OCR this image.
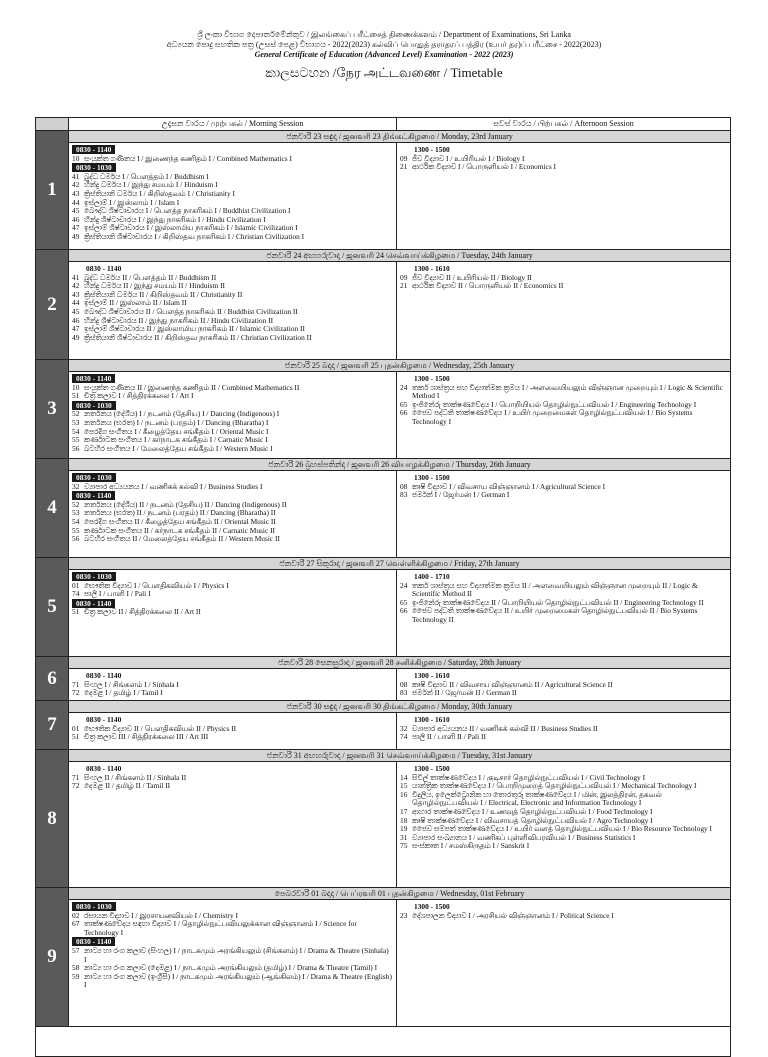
ශ්‍රී ලංකා විභාග දෙපාර්තමේන්තුව / இலங்கைப் பரீட்சைத் திணைக்களம் / Department of Examinations, Sri Lanka
අධ්‍යයන පොදු සහතික පත්‍ර (උසස් පෙළ) විභාගය - 2022(2023) கல்விப் பொதுத் தராதரப் பத்திர (உயர் தர)ப் பரீட்சை - 2022(2023)
General Certificate of Education (Advanced Level) Examination - 2022 (2023)
කාලසටහන /நேர அட்டவணை / Timetable
උදෑසන වාරය / முற்பகல் / Morning Session	සවස් වාරය / பிற்பகல் / Afternoon Session
1
ජනවාරි 23 සඳුදා / ஜனவரி 23 திங்கட்கிழமை / Monday, 23rd January
0830 - 1140
10 සංයුක්ත ගණිතය I / இணைந்த கணிதம் I / Combined Mathematics I
0830 - 1030
41 බුද්ධ ධර්මය I / பௌத்தம் I / Buddhism I
42 හින්දු ධර්මය I / இந்து சமயம் I / Hinduism I
43 ක්‍රිස්තියානි ධර්මය I / கிறிஸ்தவம் I / Christianity I
44 ඉස්ලාම් I / இஸ்லாம் I / Islam I
45 බෞද්ධ ශිෂ්ටාචාරය I / பௌத்த நாகரிகம் I / Buddhist Civilization I
46 හින්දු ශිෂ්ටාචාරය I / இந்து நாகரிகம் I / Hindu Civilization I
47 ඉස්ලාම් ශිෂ්ටාචාරය I / இஸ்லாமிய நாகரிகம் I / Islamic Civilization I
49 ක්‍රිස්තියානි ශිෂ්ටාචාරය I / கிறிஸ்தவ நாகரிகம் I / Christian Civilization I
1300 - 1500
09 ජීව විද්‍යාව I / உயிரியல் I / Biology I
21 ආර්ථික විද්‍යාව I / பொருளியல் I / Economics I
2
ජනවාරි 24 අඟහරුවාදා / ஜனவரி 24 செவ்வாய்க்கிழமை / Tuesday, 24th January
0830 - 1140
41 බුද්ධ ධර්මය II / பௌத்தம் II / Buddhism II
42 හින්දු ධර්මය II / இந்து சமயம் II / Hinduism II
43 ක්‍රිස්තියානි ධර්මය II / கிறிஸ்தவம் II / Christianity II
44 ඉස්ලාම් II / இஸ்லாம் II / Islam II
45 බෞද්ධ ශිෂ්ටාචාරය II / பௌத்த நாகரிகம் II / Buddhist Civilization II
46 හින්දු ශිෂ්ටාචාරය II / இந்து நாகரிகம் II / Hindu Civilization II
47 ඉස්ලාම් ශිෂ්ටාචාරය II / இஸ்லாமிய நாகரிகம் II / Islamic Civilization II
49 ක්‍රිස්තියානි ශිෂ්ටාචාරය II / கிறிஸ்தவ நாகரிகம் II / Christian Civilization II
1300 - 1610
09 ජීව විද්‍යාව II / உயிரியல் II / Biology II
21 ආර්ථික විද්‍යාව II / பொருளியல் II / Economics II
3
ජනවාරි 25 බදාදා / ஜனவரி 25 புதன்கிழமை / Wednesday, 25th January
0830 - 1140
10 සංයුක්ත ගණිතය II / இணைந்த கணிதம் II / Combined Mathematics II
51 චිත්‍ර කලාව I / சித்திரக்கலை I / Art I
0830 - 1030
52 නර්තනය (දේශීය) I / நடனம் (தேசிய) I / Dancing (Indigenous) I
53 නර්තනය (භරත) I / நடனம் (பரதம்) I / Dancing (Bharatha) I
54 පෙරදිග සංගීතය I / கீழைத்தேய சங்கீதம் I / Oriental Music I
55 කර්ණාටක සංගීතය I / கர்நாடக சங்கீதம் I / Carnatic Music I
56 බටහිර සංගීතය I / மேலைத்தேய சங்கீதம் I / Western Music I
1300 - 1500
24 තර්ක ශාස්ත්‍රය සහ විද්‍යාත්මක ක්‍රමය I / அளவையியலும் விஞ்ஞான முறையும் I / Logic & Scientific Method I
65 ඉංජිනේරු තාක්ෂණවේදය I / பொறியியல் தொழில்நுட்பவியல் I / Engineering Technology I
66 ජෛව පද්ධති තාක්ෂණවේදය I / உயிர் முறைமைகள் தொழில்நுட்பவியல் I / Bio Systems Technology I
4
ජනවාරි 26 බ්‍රහස්පතින්දා / ஜனவரி 26 வியாழக்கிழமை / Thursday, 26th January
0830 - 1030
32 ව්‍යාපාර අධ්‍යයනය I / வணிகக் கல்வி I / Business Studies I
0830 - 1140
52 නර්තනය (දේශීය) II / நடனம் (தேசிய) II / Dancing (Indigenous) II
53 නර්තනය (භරත) II / நடனம் (பரதம்) II / Dancing (Bharatha) II
54 පෙරදිග සංගීතය II / கீழைத்தேய சங்கீதம் II / Oriental Music II
55 කර්ණාටක සංගීතය II / கர்நாடக சங்கீதம் II / Carnatic Music II
56 බටහිර සංගීතය II / மேலைத்தேய சங்கீதம் II / Western Music II
1300 - 1500
08 කෘෂි විද්‍යාව I / விவசாய விஞ்ஞானம் I / Agricultural Science I
83 ජර්මන් I / ஜேர்மன் I / German I
5
ජනවාරි 27 සිකුරාදා / ஜனவரி 27 வெள்ளிக்கிழமை / Friday, 27th January
0830 - 1030
01 භෞතික විද්‍යාව I / பௌதிகவியல் I / Physics I
74 පාලි I / பாளி I / Pali I
0830 - 1140
51 චිත්‍ර කලාව II / சித்திரக்கலை II / Art II
1400 - 1710
24 තර්ක ශාස්ත්‍රය සහ විද්‍යාත්මක ක්‍රමය II / அளவையியலும் விஞ்ஞான முறையும் II / Logic & Scientific Method II
65 ඉංජිනේරු තාක්ෂණවේදය II / பொறியியல் தொழில்நுட்பவியல் II / Engineering Technology II
66 ජෛව පද්ධති තාක්ෂණවේදය II / உயிர் முறைமைகள் தொழில்நுட்பவியல் II / Bio Systems Technology II
6
ජනවාරි 28 සෙනසුරාදා / ஜனவரி 28 சனிக்கிழமை / Saturday, 28th January
0830 - 1140
71 සිංහල I / சிங்களம் I / Sinhala I
72 දෙමළ I / தமிழ் I / Tamil I
1300 - 1610
08 කෘෂි විද්‍යාව II / விவசாய விஞ்ஞானம் II / Agricultural Science II
83 ජර්මන් II / ஜேர்மன் II / German II
7
ජනවාරි 30 සඳුදා / ஜனவரி 30 திங்கட்கிழமை / Monday, 30th January
0830 - 1140
01 භෞතික විද්‍යාව II / பௌதிகவியல் II / Physics II
51 චිත්‍ර කලාව III / சித்திரக்கலை III / Art III
1300 - 1610
32 ව්‍යාපාර අධ්‍යයනය II / வணிகக் கல்வி II / Business Studies II
74 පාලි II / பாளி II / Pali II
8
ජනවාරි 31 අඟහරුවාදා / ஜனவரி 31 செவ்வாய்க்கிழமை / Tuesday, 31st January
0830 - 1140
71 සිංහල II / சிங்களம் II / Sinhala II
72 දෙමළ II / தமிழ் II / Tamil II
1300 - 1500
14 සිවිල් තාක්ෂණවේදය I / குடிசார் தொழில்நுட்பவியல் I / Civil Technology I
15 යාන්ත්‍රික තාක්ෂණවේදය I / பொறிமுறைத் தொழில்நுட்பவியல் I / Mechanical Technology I
16 විදුලිය, ඉලෙක්ට්‍රොනික හා තොරතුරු තාක්ෂණවේදය I / மின், இலத்திரன், தகவல் தொழில்நுட்பவியல் I / Electrical, Electronic and Information Technology I
17 ආහාර තාක්ෂණවේදය I / உணவுத் தொழில்நுட்பவியல் I / Food Technology I
18 කෘෂි තාක්ෂණවේදය I / விவசாயத் தொழில்நுட்பவியல் I / Agro Technology I
19 ජෛව සම්පත් තාක්ෂණවේදය I / உயிர் வளத் தொழில்நுட்பவியல் I / Bio Resource Technology I
31 ව්‍යාපාර සංඛ්‍යානය I / வணிகப் புள்ளிவிபரவியல் I / Business Statistics I
75 සංස්කෘත I / சமஸ்கிருதம் I / Sanskrit I
9
පෙබරවාරි 01 බදාදා / பெப்ரவரி 01 புதன்கிழமை / Wednesday, 01st February
0830 - 1030
02 රසායන විද්‍යාව I / இரசாயனவியல் I / Chemistry I
67 තාක්ෂණවේදය සඳහා විද්‍යාව I / தொழில்நுட்பவியலுக்கான விஞ்ஞானம் I / Science for Technology I
0830 - 1140
57 නාට්‍ය හා රංග කලාව (සිංහල) I / நாடகமும் அரங்கியலும் (சிங்களம்) I / Drama & Theatre (Sinhala) I
58 නාට්‍ය හා රංග කලාව (දෙමළ) I / நாடகமும் அரங்கியலும் (தமிழ்) I / Drama & Theatre (Tamil) I
59 නාට්‍ය හා රංග කලාව (ඉංග්‍රීසි) I / நாடகமும் அரங்கியலும் (ஆங்கிலம்) I / Drama & Theatre (English) I
1300 - 1500
23 දේශපාලන විද්‍යාව I / அரசியல் விஞ்ஞானம் I / Political Science I
